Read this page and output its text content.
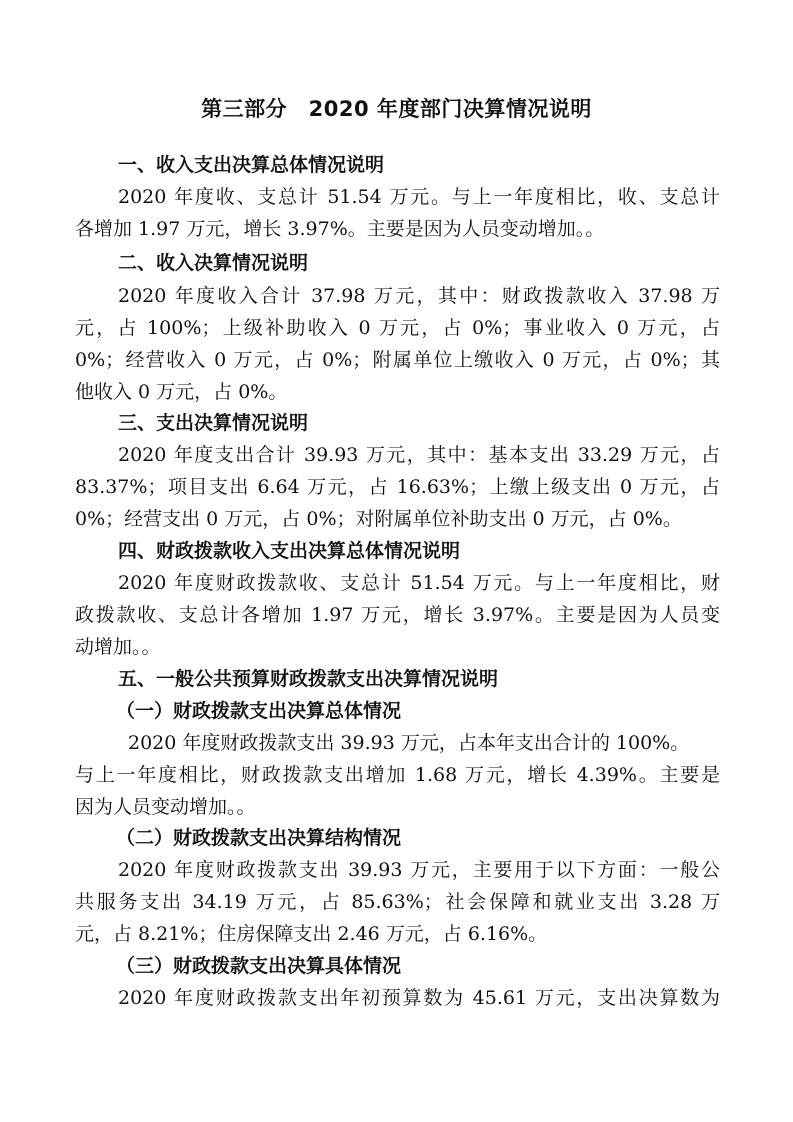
第三部分　2020 年度部门决算情况说明
一、收入支出决算总体情况说明
2020 年度收、支总计 51.54 万元。与上一年度相比，收、支总计
各增加 1.97 万元，增长 3.97%。主要是因为人员变动增加。。
二、收入决算情况说明
2020 年度收入合计 37.98 万元，其中：财政拨款收入 37.98 万
元，占 100%；上级补助收入 0 万元，占 0%；事业收入 0 万元，占
0%；经营收入 0 万元，占 0%；附属单位上缴收入 0 万元，占 0%；其
他收入 0 万元，占 0%。
三、支出决算情况说明
2020 年度支出合计 39.93 万元，其中：基本支出 33.29 万元，占
83.37%；项目支出 6.64 万元，占 16.63%；上缴上级支出 0 万元，占
0%；经营支出 0 万元，占 0%；对附属单位补助支出 0 万元，占 0%。
四、财政拨款收入支出决算总体情况说明
2020 年度财政拨款收、支总计 51.54 万元。与上一年度相比，财
政拨款收、支总计各增加 1.97 万元，增长 3.97%。主要是因为人员变
动增加。。
五、一般公共预算财政拨款支出决算情况说明
（一）财政拨款支出决算总体情况
2020 年度财政拨款支出 39.93 万元，占本年支出合计的 100%。
与上一年度相比，财政拨款支出增加 1.68 万元，增长 4.39%。主要是
因为人员变动增加。。
（二）财政拨款支出决算结构情况
2020 年度财政拨款支出 39.93 万元，主要用于以下方面：一般公
共服务支出 34.19 万元，占 85.63%；社会保障和就业支出 3.28 万
元，占 8.21%；住房保障支出 2.46 万元，占 6.16%。
（三）财政拨款支出决算具体情况
2020 年度财政拨款支出年初预算数为 45.61 万元，支出决算数为
